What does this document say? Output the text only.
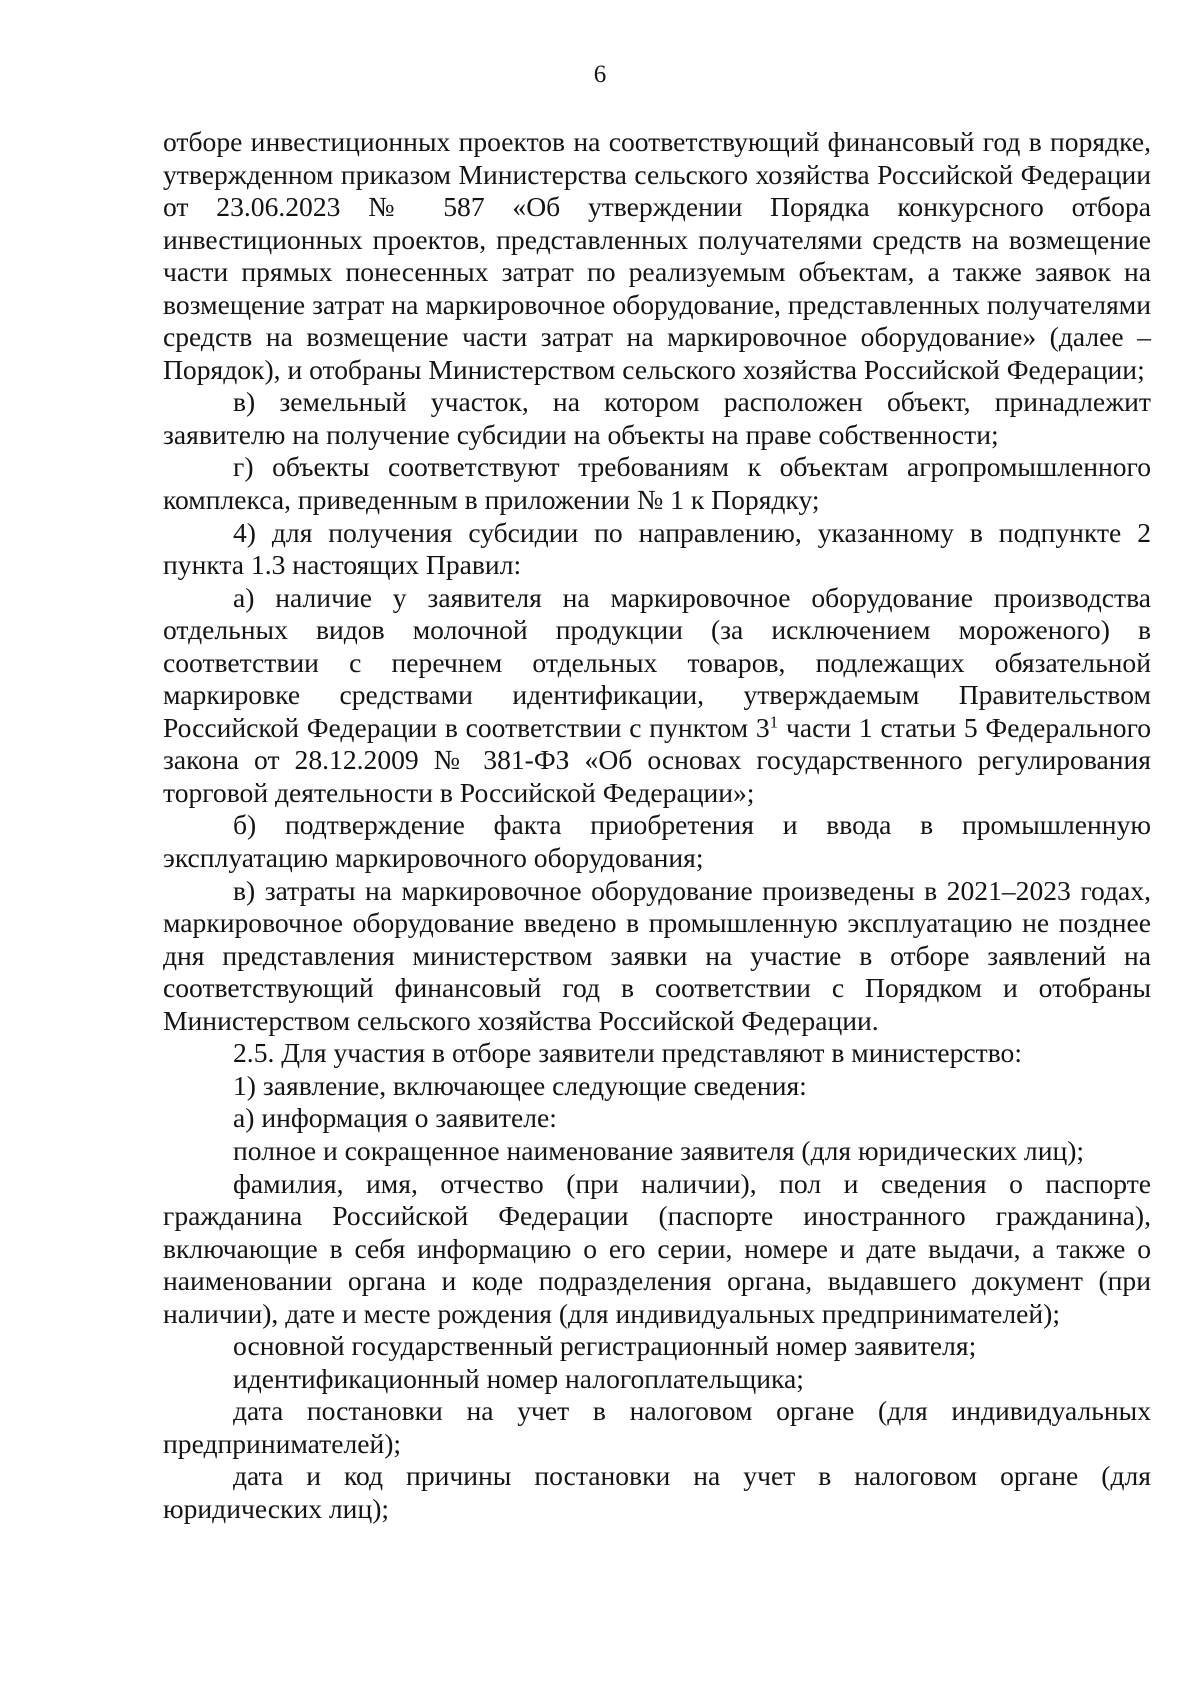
6

отборе инвестиционных проектов на соответствующий финансовый год в порядке, утвержденном приказом Министерства сельского хозяйства Российской Федерации от 23.06.2023 № 587 «Об утверждении Порядка конкурсного отбора инвестиционных проектов, представленных получателями средств на возмещение части прямых понесенных затрат по реализуемым объектам, а также заявок на возмещение затрат на маркировочное оборудование, представленных получателями средств на возмещение части затрат на маркировочное оборудование» (далее – Порядок), и отобраны Министерством сельского хозяйства Российской Федерации;

в) земельный участок, на котором расположен объект, принадлежит заявителю на получение субсидии на объекты на праве собственности;

г) объекты соответствуют требованиям к объектам агропромышленного комплекса, приведенным в приложении № 1 к Порядку;

4) для получения субсидии по направлению, указанному в подпункте 2 пункта 1.3 настоящих Правил:

а) наличие у заявителя на маркировочное оборудование производства отдельных видов молочной продукции (за исключением мороженого) в соответствии с перечнем отдельных товаров, подлежащих обязательной маркировке средствами идентификации, утверждаемым Правительством Российской Федерации в соответствии с пунктом $3^1$ части 1 статьи 5 Федерального закона от 28.12.2009 № 381-ФЗ «Об основах государственного регулирования торговой деятельности в Российской Федерации»;

б) подтверждение факта приобретения и ввода в промышленную эксплуатацию маркировочного оборудования;

в) затраты на маркировочное оборудование произведены в 2021–2023 годах, маркировочное оборудование введено в промышленную эксплуатацию не позднее дня представления министерством заявки на участие в отборе заявлений на соответствующий финансовый год в соответствии с Порядком и отобраны Министерством сельского хозяйства Российской Федерации.

2.5. Для участия в отборе заявители представляют в министерство:

1) заявление, включающее следующие сведения:

а) информация о заявителе:

полное и сокращенное наименование заявителя (для юридических лиц);

фамилия, имя, отчество (при наличии), пол и сведения о паспорте гражданина Российской Федерации (паспорте иностранного гражданина), включающие в себя информацию о его серии, номере и дате выдачи, а также о наименовании органа и коде подразделения органа, выдавшего документ (при наличии), дате и месте рождения (для индивидуальных предпринимателей);

основной государственный регистрационный номер заявителя;

идентификационный номер налогоплательщика;

дата постановки на учет в налоговом органе (для индивидуальных предпринимателей);

дата и код причины постановки на учет в налоговом органе (для юридических лиц);
